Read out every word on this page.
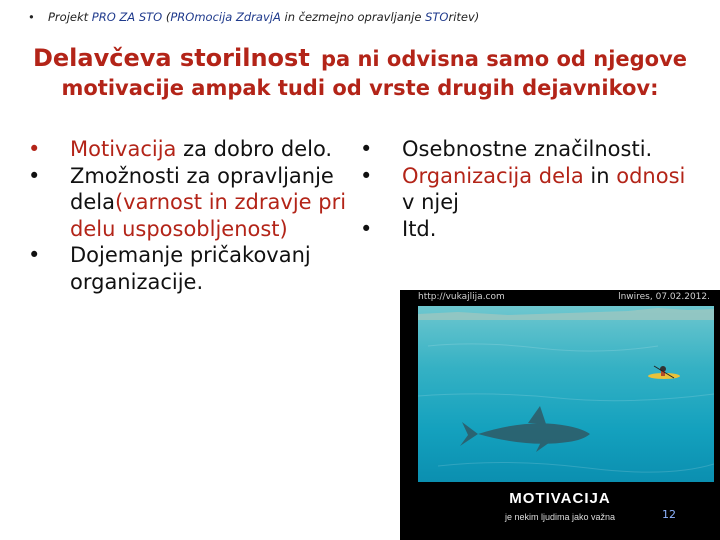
• Projekt PRO ZA STO (PROmocija ZdravjA in čezmejno opravljanje STOritev)
Delavčeva storilnost pa ni odvisna samo od njegove
motivacije ampak tudi od vrste drugih dejavnikov:
•	Motivacija za dobro delo.
•	Zmožnosti za opravljanje dela(varnost in zdravje pri delu usposobljenost)
•	Dojemanje pričakovanj organizacije.
•	Osebnostne značilnosti.
•	Organizacija dela in odnosi v njej
•	Itd.
http://vukajlija.com	lnwires, 07.02.2012.
MOTIVACIJA
je nekim ljudima jako važna	12
